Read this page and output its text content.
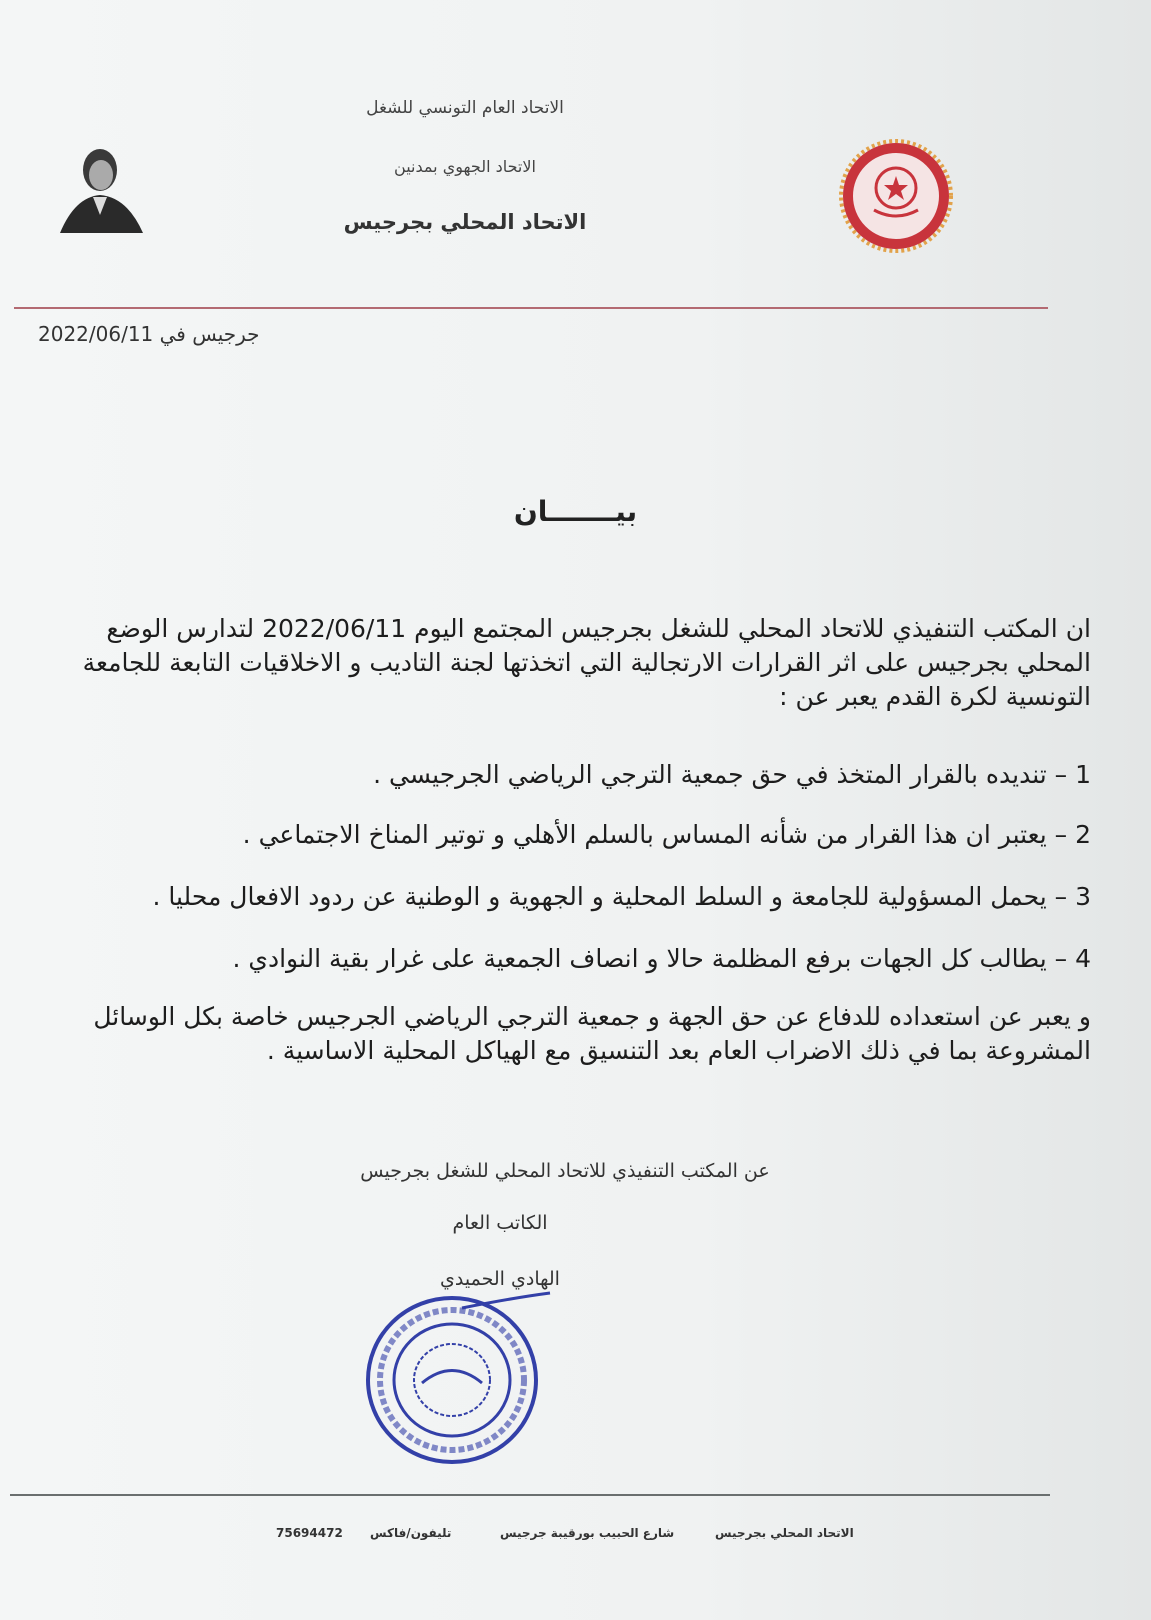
الاتحاد العام التونسي للشغل
الاتحاد الجهوي بمدنين
الاتحاد المحلي بجرجيس
جرجيس في 2022/06/11
بيـــــــان
ان المكتب التنفيذي للاتحاد المحلي للشغل بجرجيس المجتمع اليوم 2022/06/11 لتدارس الوضع المحلي بجرجيس على اثر القرارات الارتجالية التي اتخذتها لجنة التاديب و الاخلاقيات التابعة للجامعة التونسية لكرة القدم يعبر عن :
1 – تنديده بالقرار المتخذ في حق جمعية الترجي الرياضي الجرجيسي .
2 – يعتبر ان هذا القرار من شأنه المساس بالسلم الأهلي و توتير المناخ الاجتماعي .
3 – يحمل المسؤولية للجامعة و السلط المحلية و الجهوية و الوطنية عن ردود الافعال محليا .
4 – يطالب كل الجهات برفع المظلمة حالا و انصاف الجمعية على غرار بقية النوادي .
و يعبر عن استعداده للدفاع عن حق الجهة و جمعية الترجي الرياضي الجرجيس خاصة بكل الوسائل المشروعة بما في ذلك الاضراب العام بعد التنسيق مع الهياكل المحلية الاساسية .
عن المكتب التنفيذي للاتحاد المحلي للشغل بجرجيس
الكاتب العام
الهادي الحميدي
الاتحاد المحلي بجرجيس
شارع الحبيب بورقيبة جرجيس
تليفون/فاكس
75694472
